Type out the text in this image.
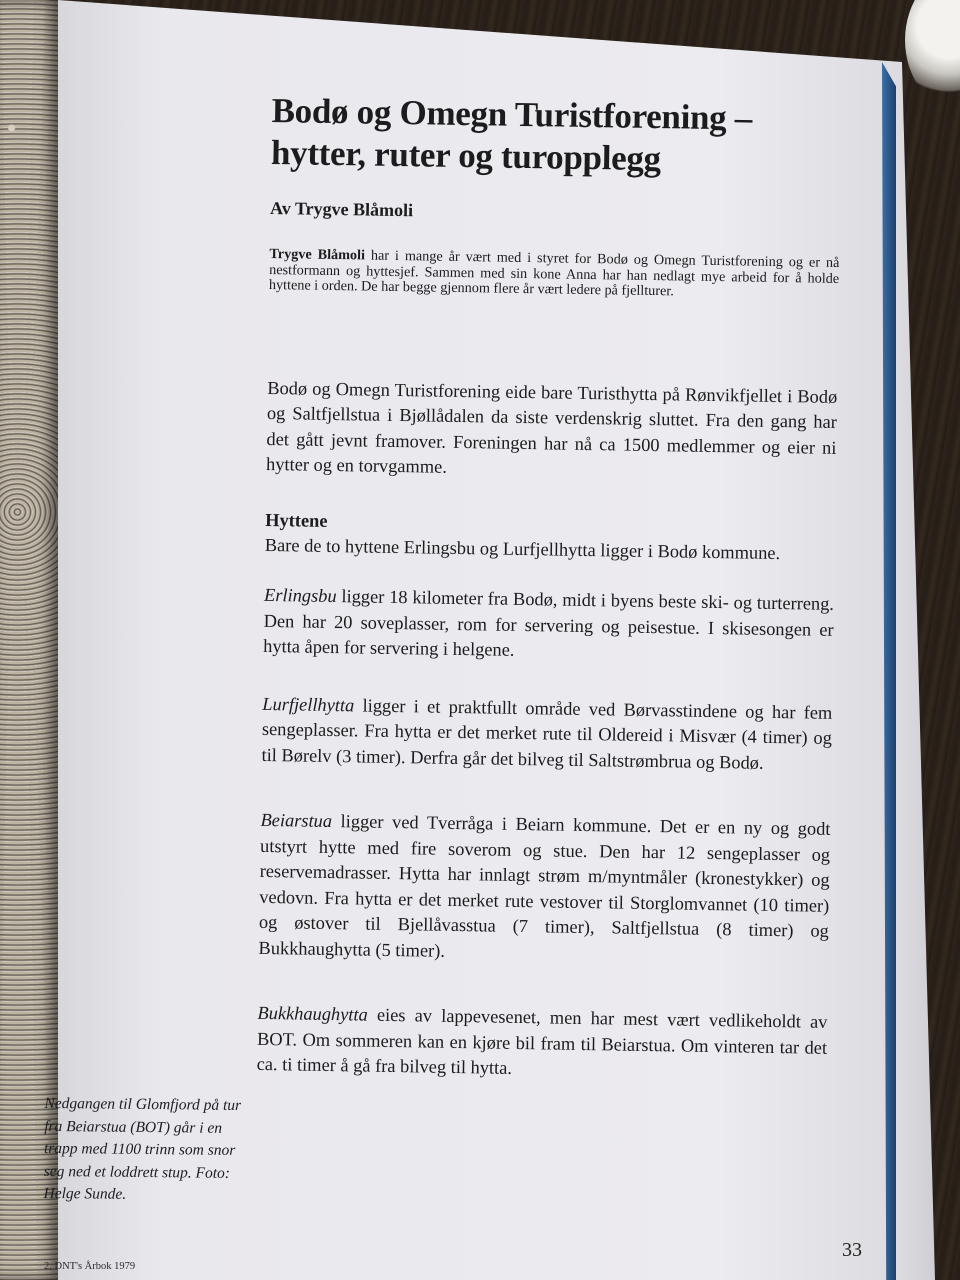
Bodø og Omegn Turistforening – hytter, ruter og turopplegg
Av Trygve Blåmoli

Trygve Blåmoli har i mange år vært med i styret for Bodø og Omegn Turistforening og er nå nestformann og hyttesjef. Sammen med sin kone Anna har han nedlagt mye arbeid for å holde hyttene i orden. De har begge gjennom flere år vært ledere på fjellturer.

Bodø og Omegn Turistforening eide bare Turisthytta på Rønvikfjellet i Bodø og Saltfjellstua i Bjøllådalen da siste verdenskrig sluttet. Fra den gang har det gått jevnt framover. Foreningen har nå ca 1500 medlemmer og eier ni hytter og en torvgamme.

Hyttene

Bare de to hyttene Erlingsbu og Lurfjellhytta ligger i Bodø kommune.

Erlingsbu ligger 18 kilometer fra Bodø, midt i byens beste ski- og turterreng. Den har 20 soveplasser, rom for servering og peisestue. I skisesongen er hytta åpen for servering i helgene.

Lurfjellhytta ligger i et praktfullt område ved Børvasstindene og har fem sengeplasser. Fra hytta er det merket rute til Oldereid i Misvær (4 timer) og til Børelv (3 timer). Derfra går det bilveg til Saltstrømbrua og Bodø.

Beiarstua ligger ved Tverråga i Beiarn kommune. Det er en ny og godt utstyrt hytte med fire soverom og stue. Den har 12 sengeplasser og reservemadrasser. Hytta har innlagt strøm m/myntmåler (kronestykker) og vedovn. Fra hytta er det merket rute vestover til Storglomvannet (10 timer) og østover til Bjellåvasstua (7 timer), Saltfjellstua (8 timer) og Bukkhaughytta (5 timer).

Bukkhaughytta eies av lappevesenet, men har mest vært vedlikeholdt av BOT. Om sommeren kan en kjøre bil fram til Beiarstua. Om vinteren tar det ca. ti timer å gå fra bilveg til hytta.

Nedgangen til Glomfjord på tur fra Beiarstua (BOT) går i en trapp med 1100 trinn som snor seg ned et loddrett stup. Foto: Helge Sunde.
2. DNT's Årbok 1979
33
